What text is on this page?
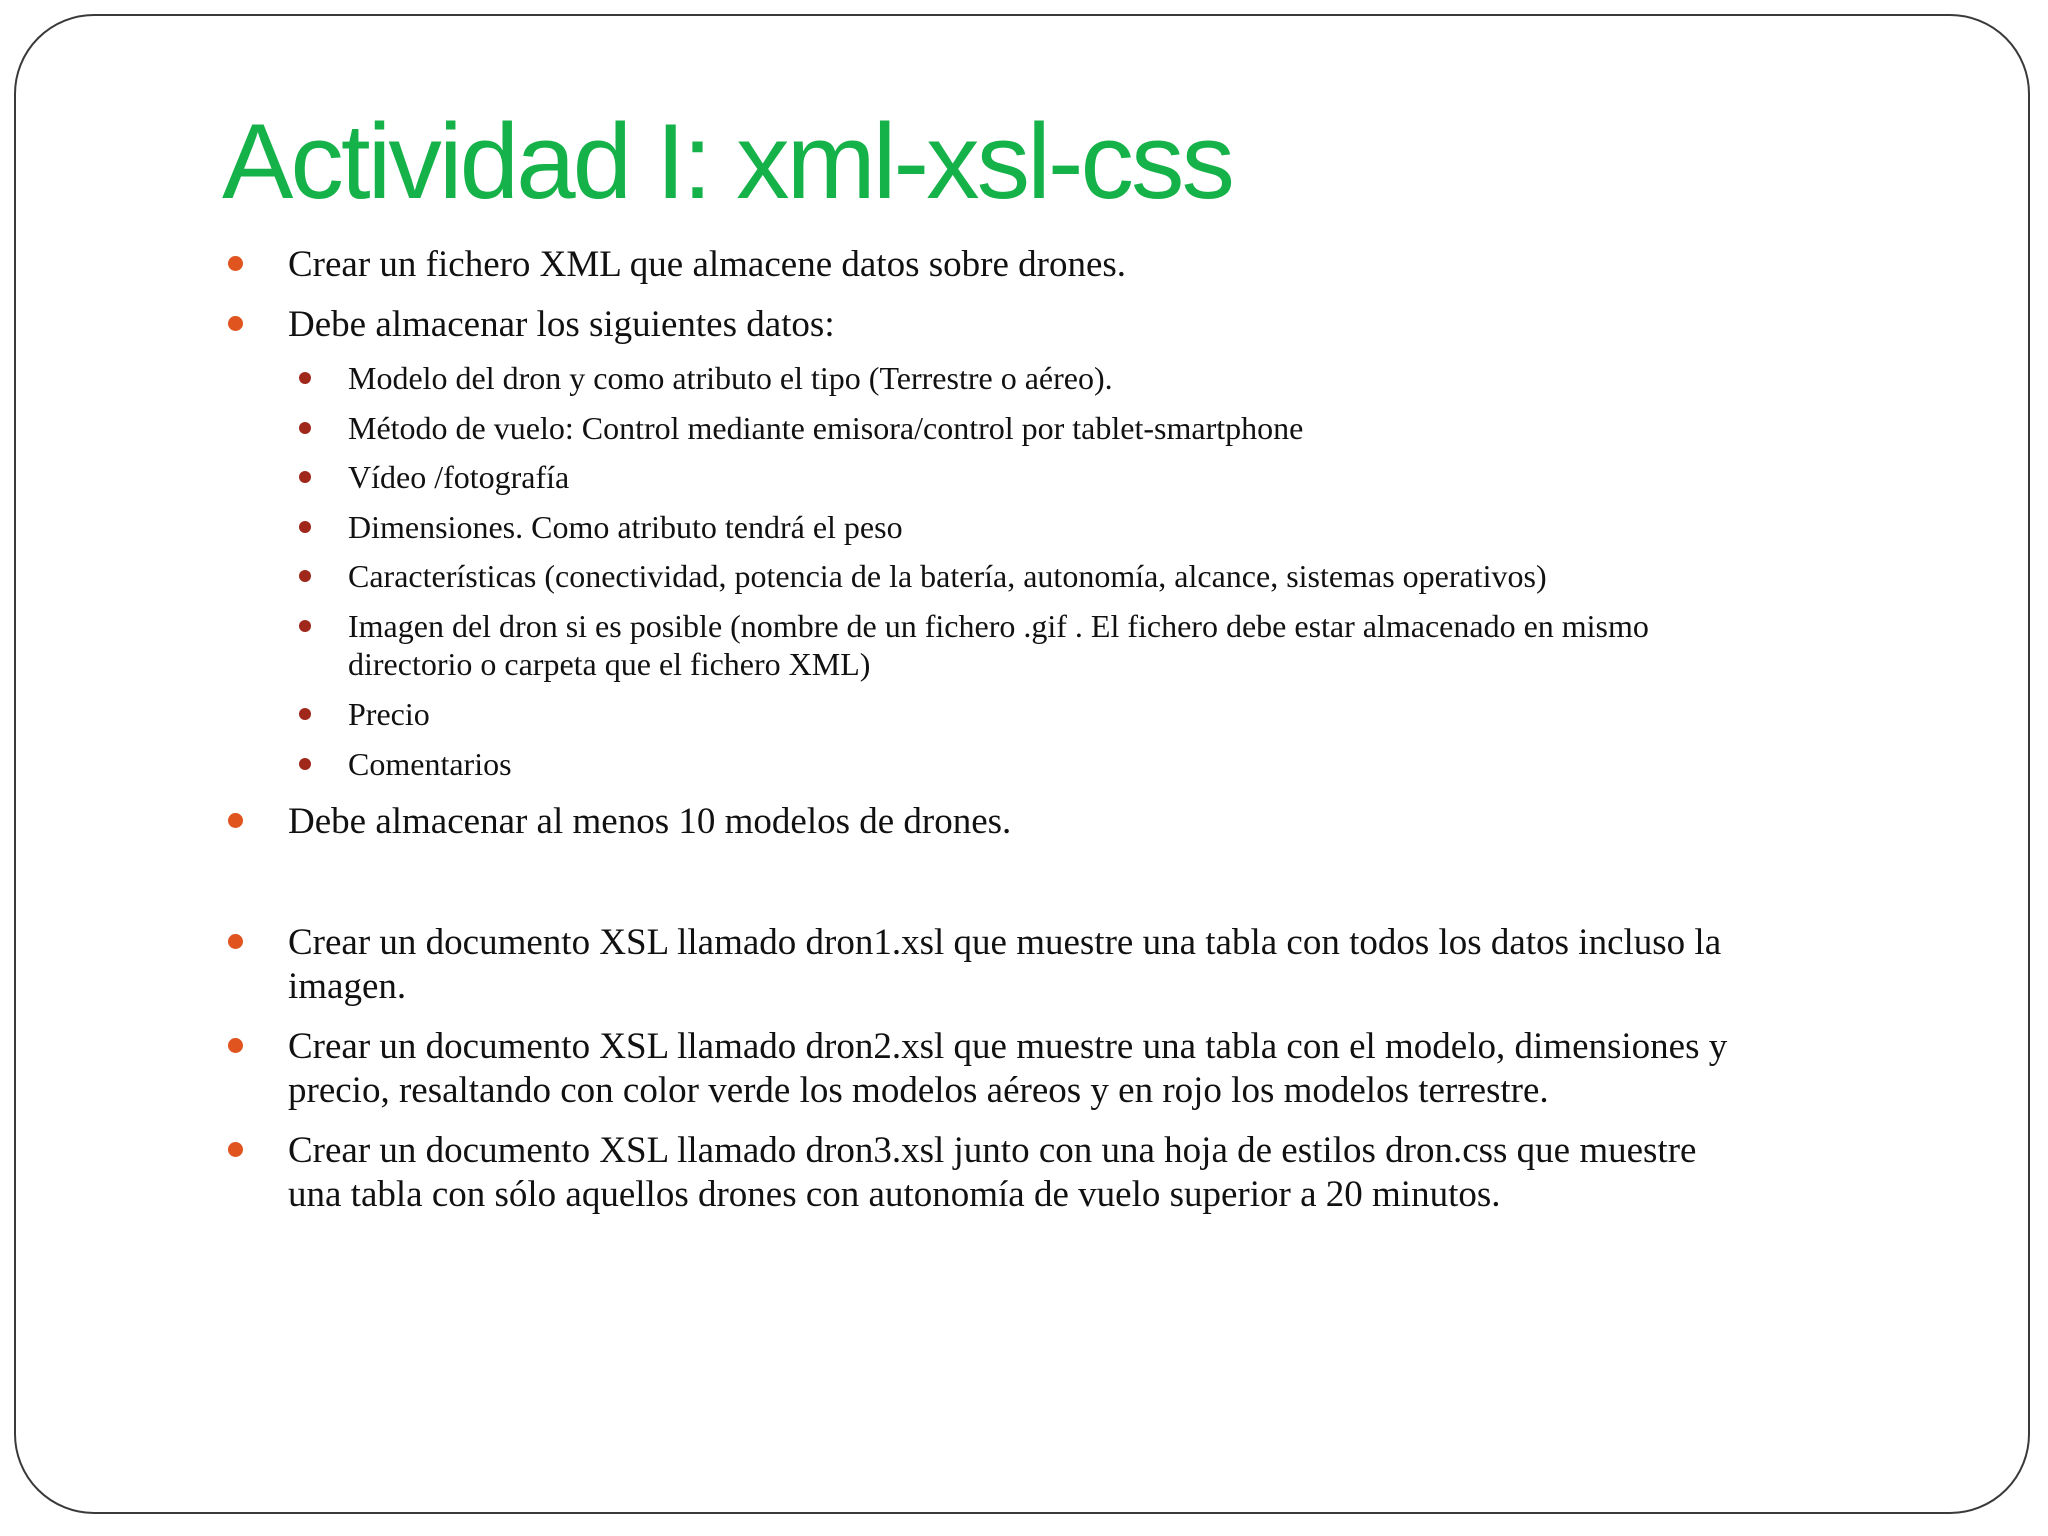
Actividad I: xml-xsl-css
Crear un fichero XML que almacene datos sobre drones.
Debe almacenar los siguientes datos:
Modelo del dron y como atributo el tipo (Terrestre o aéreo).
Método de vuelo: Control mediante emisora/control por tablet-smartphone
Vídeo /fotografía
Dimensiones. Como atributo tendrá el peso
Características (conectividad, potencia de la batería, autonomía, alcance, sistemas operativos)
Imagen del dron si es posible (nombre de un fichero .gif . El fichero debe estar almacenado en mismo
directorio o carpeta que el fichero XML)
Precio
Comentarios
Debe almacenar al menos 10 modelos de drones.
Crear un documento XSL llamado dron1.xsl que muestre una tabla con todos los datos incluso la
imagen.
Crear un documento XSL llamado dron2.xsl que muestre una tabla con el modelo, dimensiones y
precio, resaltando con color verde los modelos aéreos y en rojo los modelos terrestre.
Crear un documento XSL llamado dron3.xsl junto con una hoja de estilos dron.css que muestre
una tabla con sólo aquellos drones con autonomía de vuelo superior a 20 minutos.
